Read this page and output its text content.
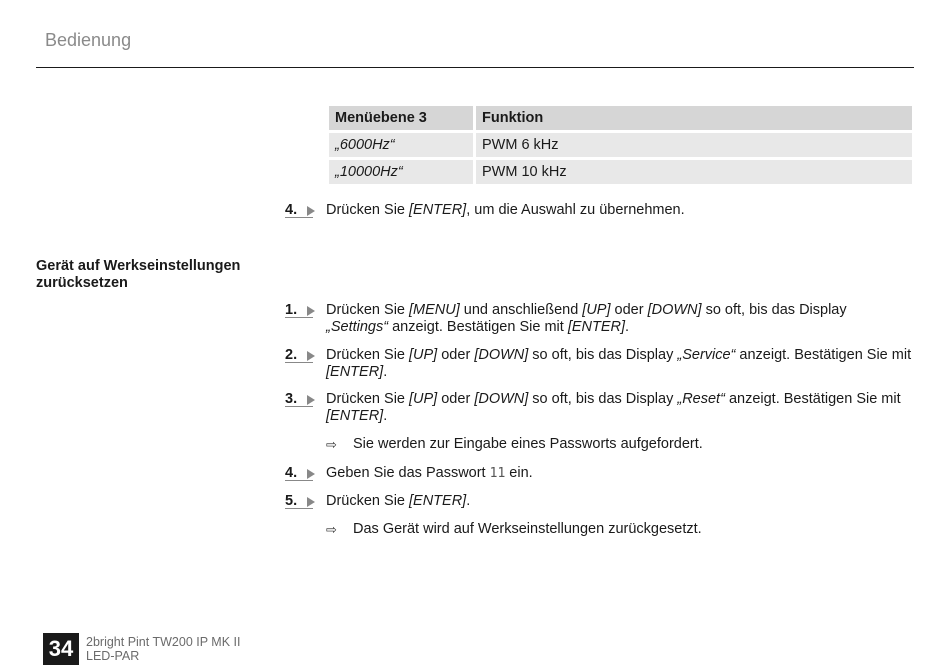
Bedienung
Menüebene 3	Funktion
„6000Hz“	PWM 6 kHz
„10000Hz“	PWM 10 kHz
4.	Drücken Sie [ENTER], um die Auswahl zu übernehmen.
Gerät auf Werkseinstellungen zurücksetzen
1.	Drücken Sie [MENU] und anschließend [UP] oder [DOWN] so oft, bis das Display
„Settings“ anzeigt. Bestätigen Sie mit [ENTER].
2.	Drücken Sie [UP] oder [DOWN] so oft, bis das Display „Service“ anzeigt. Bestätigen Sie mit
[ENTER].
3.	Drücken Sie [UP] oder [DOWN] so oft, bis das Display „Reset“ anzeigt. Bestätigen Sie mit
[ENTER].
⇨ Sie werden zur Eingabe eines Passworts aufgefordert.
4.	Geben Sie das Passwort 11 ein.
5.	Drücken Sie [ENTER].
⇨ Das Gerät wird auf Werkseinstellungen zurückgesetzt.
34	2bright Pint TW200 IP MK II
LED-PAR
